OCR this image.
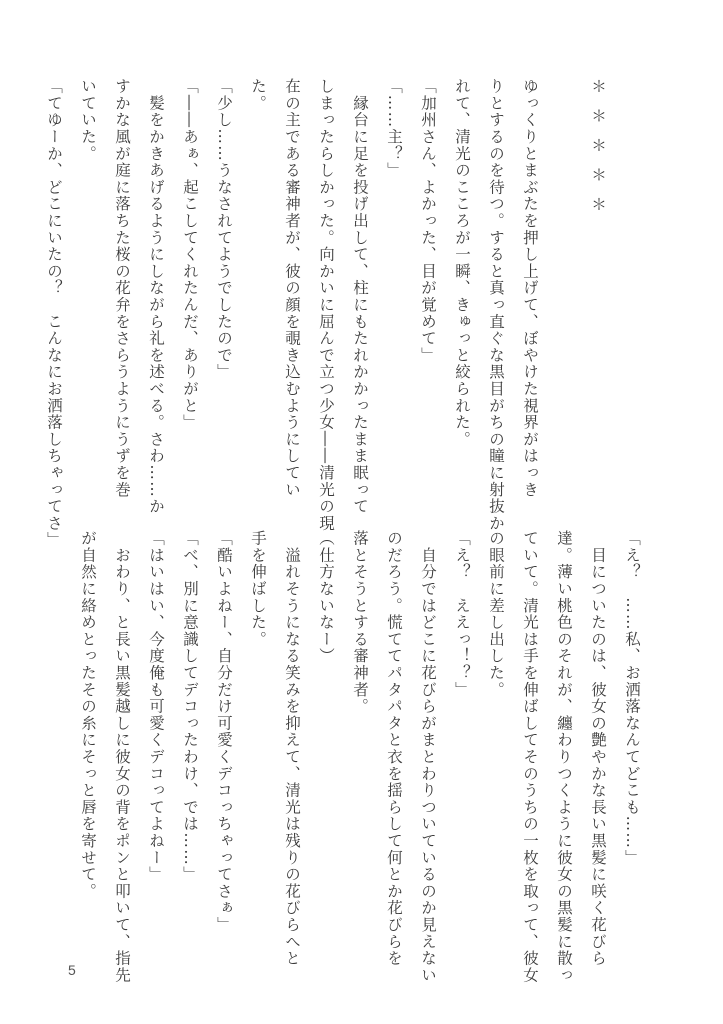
＊＊＊＊＊

ゆっくりとまぶたを押し上げて、ぼやけた視界がはっき
りとするのを待つ。すると真っ直ぐな黒目がちの瞳に射抜か
れて、清光のこころが一瞬、きゅっと絞られた。
「加州さん、よかった、目が覚めて」
「……主？」
　縁台に足を投げ出して、柱にもたれかかったまま眠って
しまったらしかった。向かいに屈んで立つ少女――清光の現
在の主である審神者が、彼の顔を覗き込むようにしてい
た。
「少し……うなされてようでしたので」
「――あぁ、起こしてくれたんだ、ありがと」
　髪をかきあげるようにしながら礼を述べる。さわ……か
すかな風が庭に落ちた桜の花弁をさらうようにうずを巻
いていた。
「てゆーか、どこにいたの？　こんなにお洒落しちゃってさ」
「え？　……私、お洒落なんてどこも……」
　目についたのは、彼女の艶やかな長い黒髪に咲く花びら
達。薄い桃色のそれが、纏わりつくように彼女の黒髪に散っ
ていて。清光は手を伸ばしてそのうちの一枚を取って、彼女
の眼前に差し出した。
「え？　ええっ！？」
　自分ではどこに花びらがまとわりついているのか見えない
のだろう。慌ててパタパタと衣を揺らして何とか花びらを
落とそうとする審神者。
（仕方ないなー）
　溢れそうになる笑みを抑えて、清光は残りの花びらへと
手を伸ばした。
「酷いよねー、自分だけ可愛くデコっちゃってさぁ」
「べ、別に意識してデコったわけ、では……」
「はいはい、今度俺も可愛くデコってよねー」
　おわり、と長い黒髪越しに彼女の背をポンと叩いて、指先
が自然に絡めとったその糸にそっと唇を寄せて。
5
